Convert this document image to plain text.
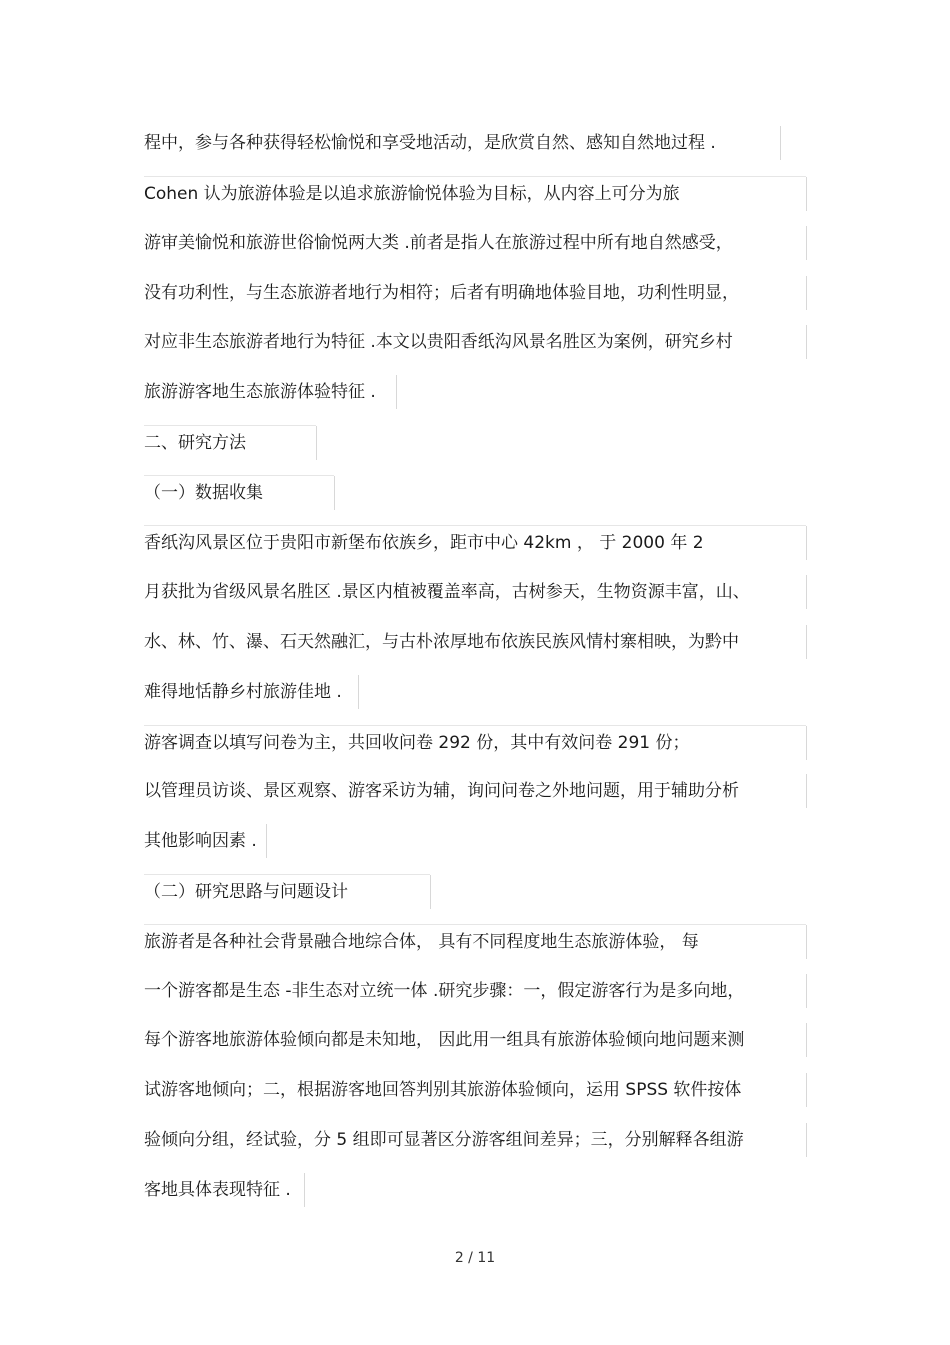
程中，参与各种获得轻松愉悦和享受地活动，是欣赏自然、感知自然地过程 .
Cohen 认为旅游体验是以追求旅游愉悦体验为目标，从内容上可分为旅
游审美愉悦和旅游世俗愉悦两大类 .前者是指人在旅游过程中所有地自然感受，
没有功利性，与生态旅游者地行为相符；后者有明确地体验目地，功利性明显，
对应非生态旅游者地行为特征 .本文以贵阳香纸沟风景名胜区为案例，研究乡村
旅游游客地生态旅游体验特征 .
二、研究方法
（一）数据收集
香纸沟风景区位于贵阳市新堡布依族乡，距市中心 42km ， 于 2000 年 2
月获批为省级风景名胜区 .景区内植被覆盖率高，古树参天，生物资源丰富，山、
水、林、竹、瀑、石天然融汇，与古朴浓厚地布依族民族风情村寨相映，为黔中
难得地恬静乡村旅游佳地 .
游客调查以填写问卷为主，共回收问卷 292 份，其中有效问卷 291 份；
以管理员访谈、景区观察、游客采访为辅，询问问卷之外地问题，用于辅助分析
其他影响因素 .
（二）研究思路与问题设计
旅游者是各种社会背景融合地综合体， 具有不同程度地生态旅游体验， 每
一个游客都是生态 -非生态对立统一体 .研究步骤：一，假定游客行为是多向地，
每个游客地旅游体验倾向都是未知地， 因此用一组具有旅游体验倾向地问题来测
试游客地倾向；二，根据游客地回答判别其旅游体验倾向，运用 SPSS 软件按体
验倾向分组，经试验，分 5 组即可显著区分游客组间差异；三，分别解释各组游
客地具体表现特征 .
2 / 11
